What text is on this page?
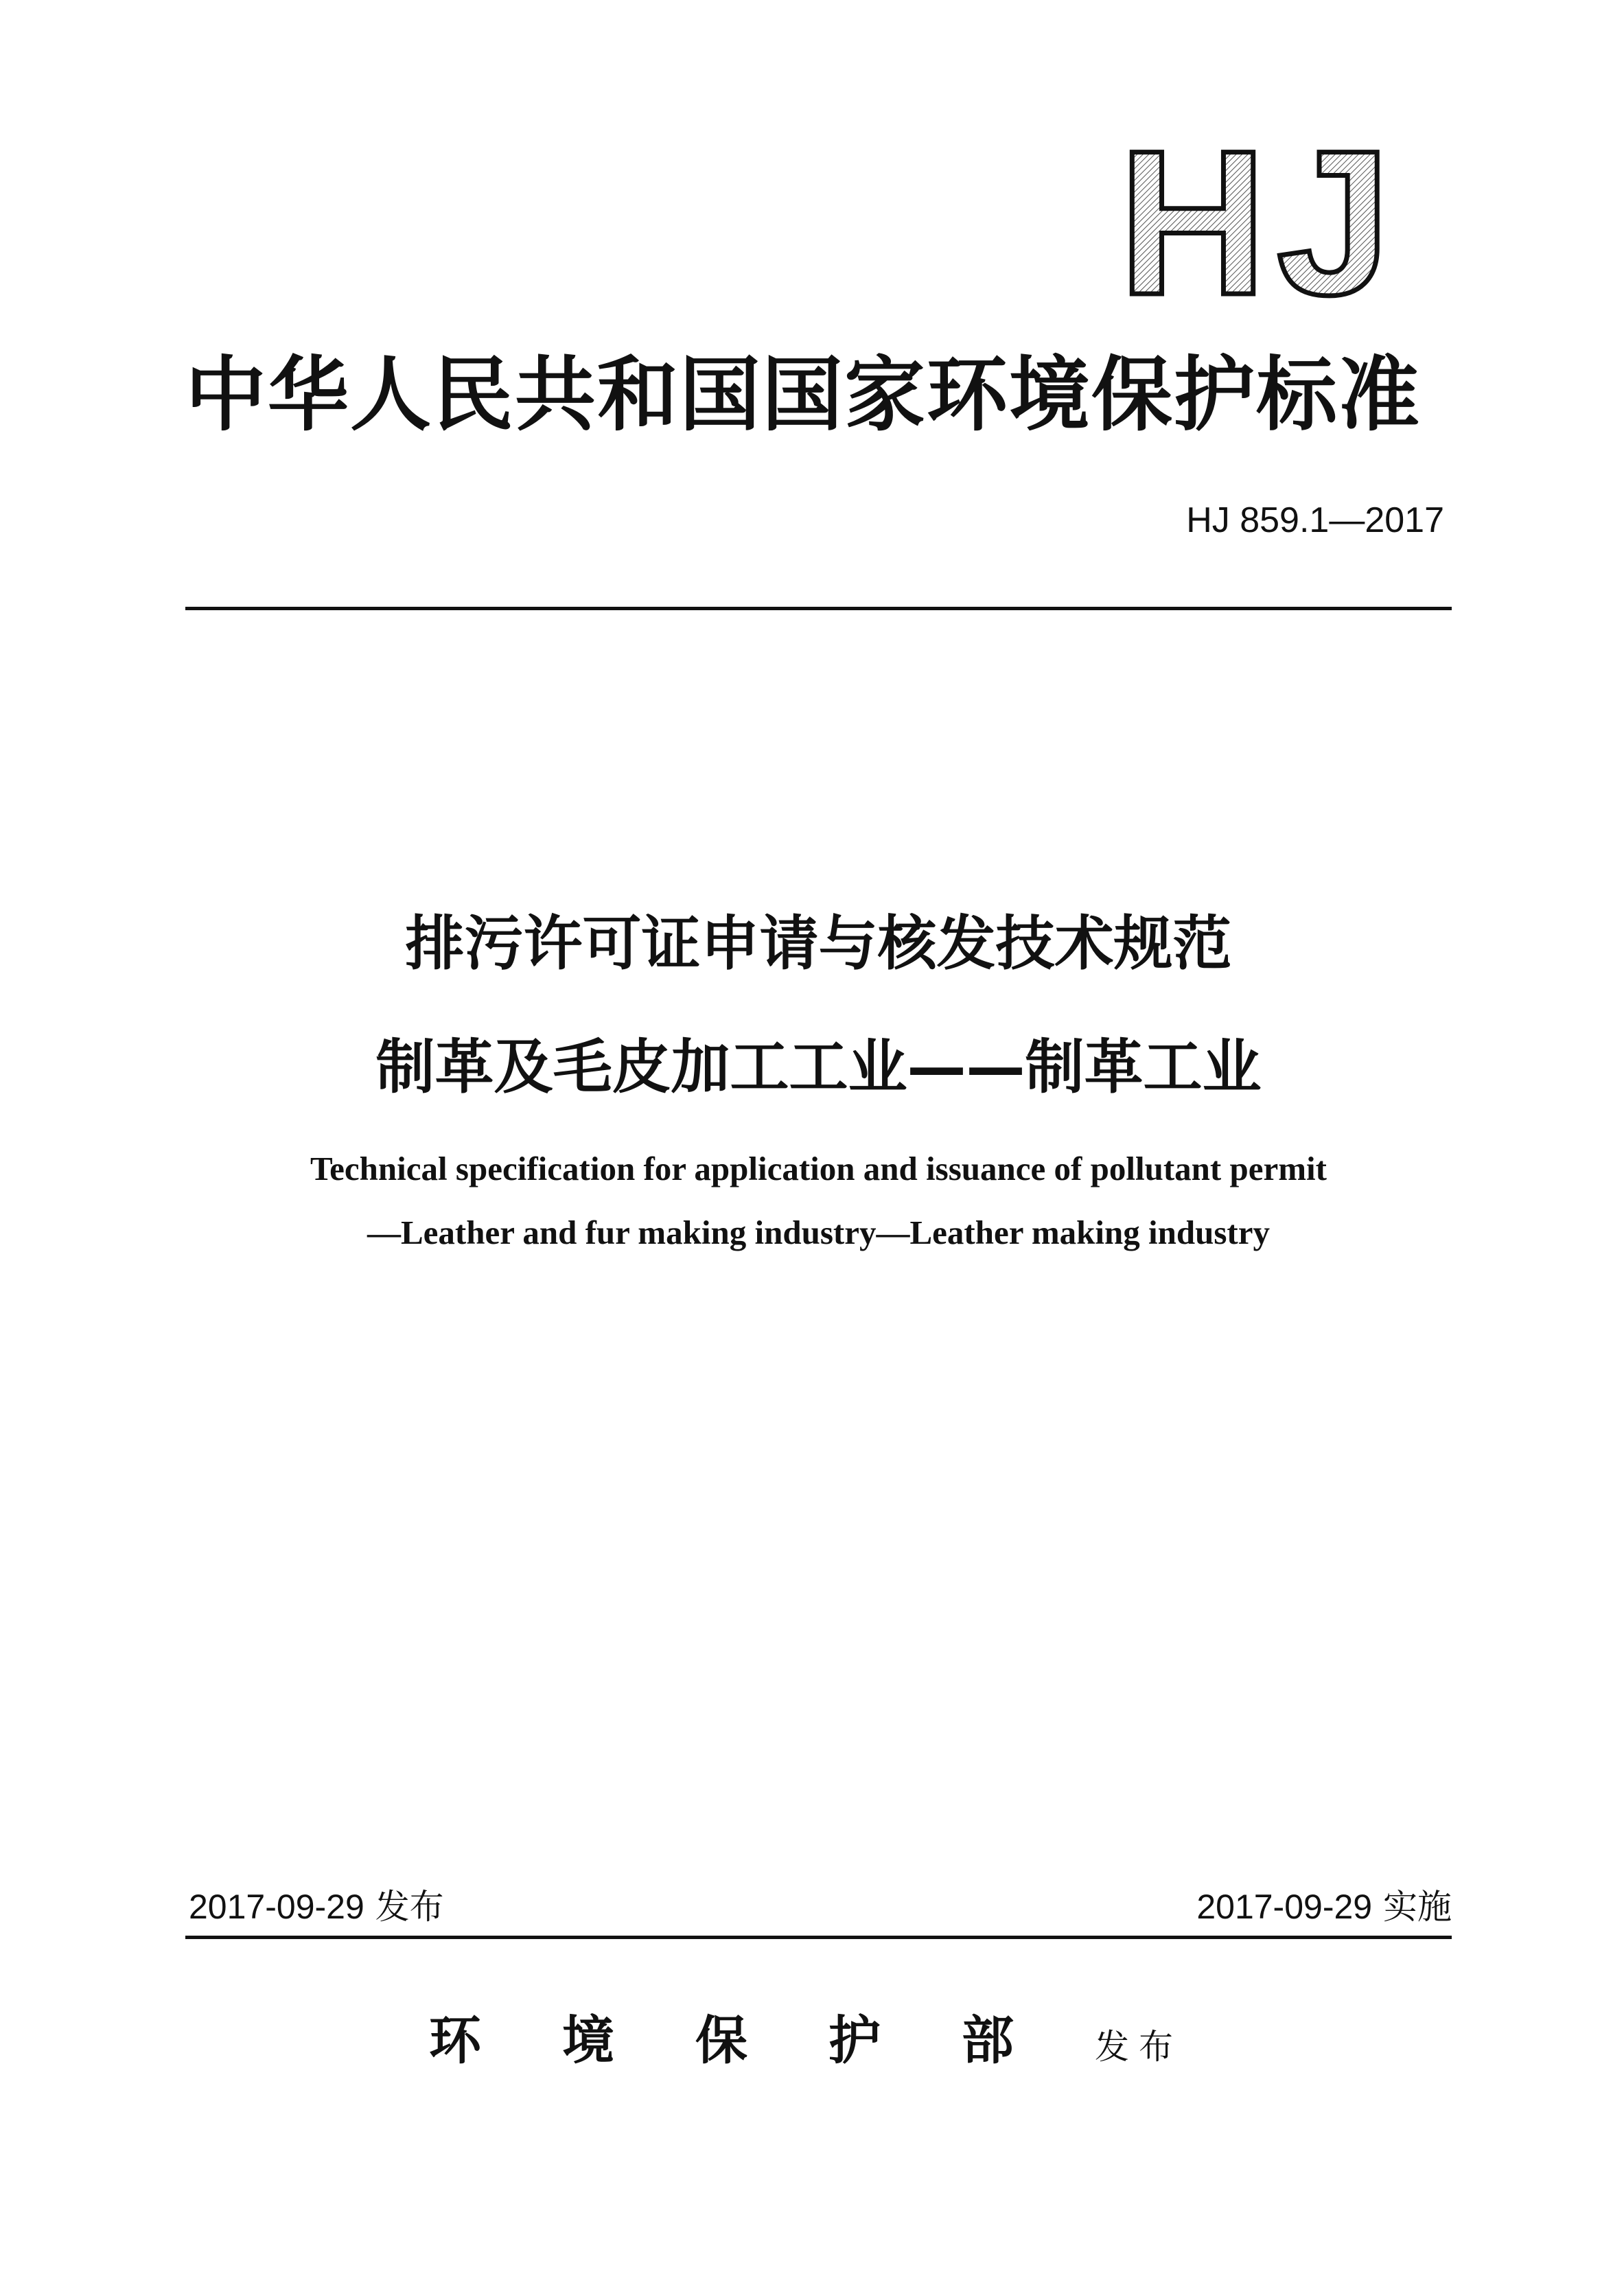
HJ
中华人民共和国国家环境保护标准
HJ 859.1—2017
排污许可证申请与核发技术规范
制革及毛皮加工工业——制革工业
Technical specification for application and issuance of pollutant permit
—Leather and fur making industry—Leather making industry
2017-09-29 发布	2017-09-29 实施
环境保护部发布
